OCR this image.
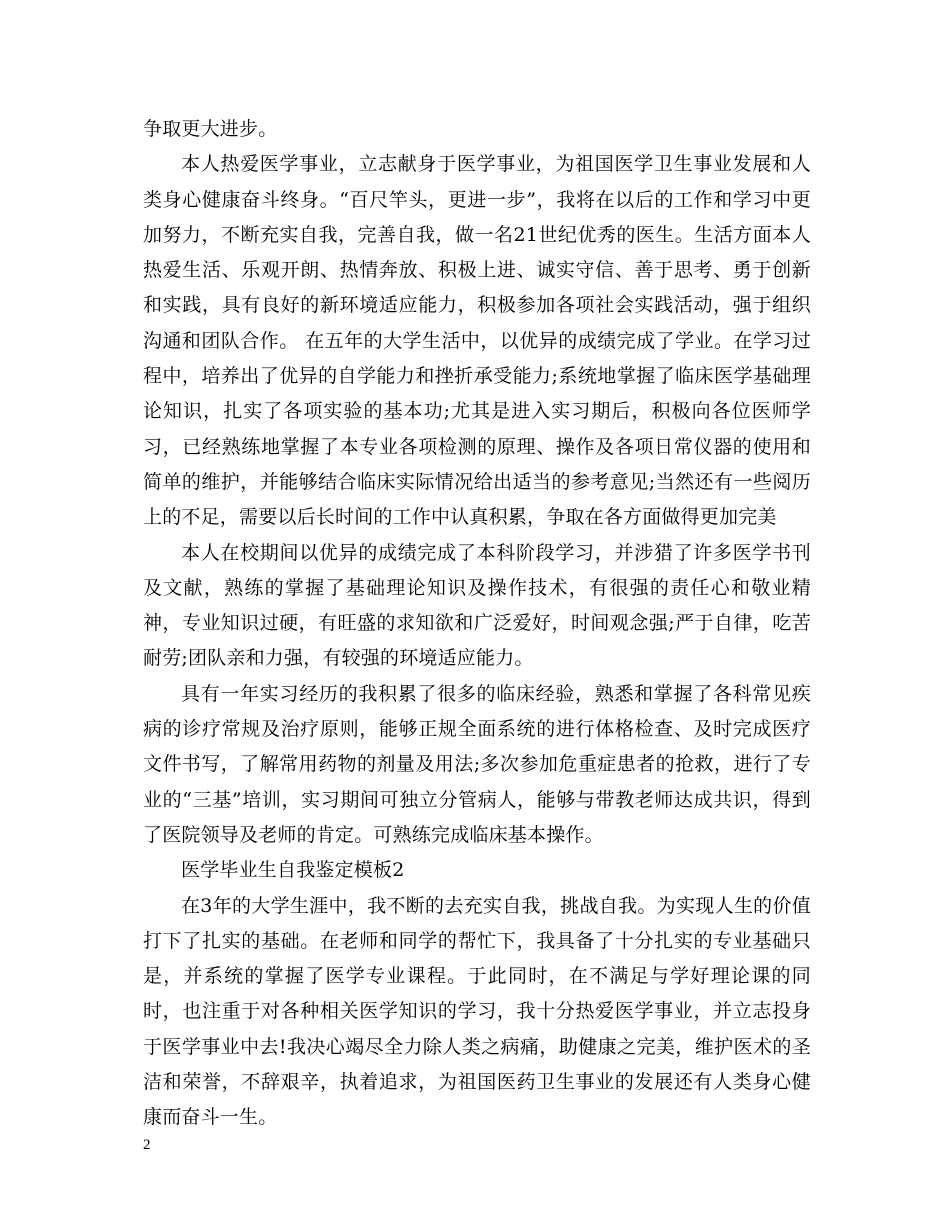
争取更大进步。

本人热爱医学事业，立志献身于医学事业，为祖国医学卫生事业发展和人类身心健康奋斗终身。“百尺竿头，更进一步”，我将在以后的工作和学习中更加努力，不断充实自我，完善自我，做一名21世纪优秀的医生。生活方面本人热爱生活、乐观开朗、热情奔放、积极上进、诚实守信、善于思考、勇于创新和实践，具有良好的新环境适应能力，积极参加各项社会实践活动，强于组织沟通和团队合作。 在五年的大学生活中，以优异的成绩完成了学业。在学习过程中，培养出了优异的自学能力和挫折承受能力;系统地掌握了临床医学基础理论知识，扎实了各项实验的基本功;尤其是进入实习期后，积极向各位医师学习，已经熟练地掌握了本专业各项检测的原理、操作及各项日常仪器的使用和简单的维护，并能够结合临床实际情况给出适当的参考意见;当然还有一些阅历上的不足，需要以后长时间的工作中认真积累，争取在各方面做得更加完美

本人在校期间以优异的成绩完成了本科阶段学习，并涉猎了许多医学书刊及文献，熟练的掌握了基础理论知识及操作技术，有很强的责任心和敬业精神，专业知识过硬，有旺盛的求知欲和广泛爱好，时间观念强;严于自律，吃苦耐劳;团队亲和力强，有较强的环境适应能力。

具有一年实习经历的我积累了很多的临床经验，熟悉和掌握了各科常见疾病的诊疗常规及治疗原则，能够正规全面系统的进行体格检查、及时完成医疗文件书写，了解常用药物的剂量及用法;多次参加危重症患者的抢救，进行了专业的“三基”培训，实习期间可独立分管病人，能够与带教老师达成共识，得到了医院领导及老师的肯定。可熟练完成临床基本操作。

医学毕业生自我鉴定模板2

在3年的大学生涯中，我不断的去充实自我，挑战自我。为实现人生的价值打下了扎实的基础。在老师和同学的帮忙下，我具备了十分扎实的专业基础只是，并系统的掌握了医学专业课程。于此同时，在不满足与学好理论课的同时，也注重于对各种相关医学知识的学习，我十分热爱医学事业，并立志投身于医学事业中去!我决心竭尽全力除人类之病痛，助健康之完美，维护医术的圣洁和荣誉，不辞艰辛，执着追求，为祖国医药卫生事业的发展还有人类身心健康而奋斗一生。

2
